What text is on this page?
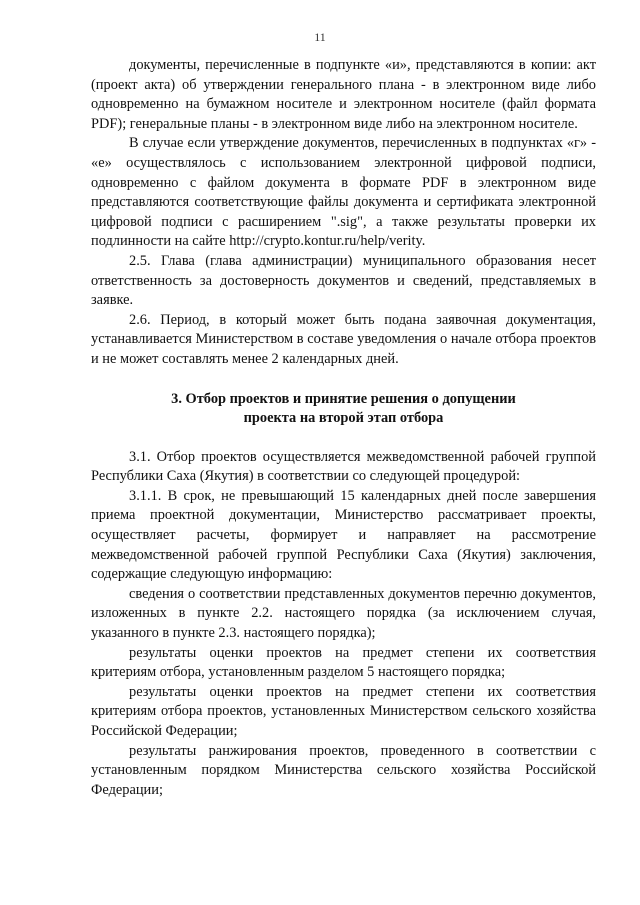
11

документы, перечисленные в подпункте «и», представляются в копии: акт (проект акта) об утверждении генерального плана - в электронном виде либо одновременно на бумажном носителе и электронном носителе (файл формата PDF); генеральные планы - в электронном виде либо на электронном носителе.

В случае если утверждение документов, перечисленных в подпунктах «г» - «е» осуществлялось с использованием электронной цифровой подписи, одновременно с файлом документа в формате PDF в электронном виде представляются соответствующие файлы документа и сертификата электронной цифровой подписи с расширением ".sig", а также результаты проверки их подлинности на сайте http://crypto.kontur.ru/help/verity.

2.5. Глава (глава администрации) муниципального образования несет ответственность за достоверность документов и сведений, представляемых в заявке.

2.6. Период, в который может быть подана заявочная документация, устанавливается Министерством в составе уведомления о начале отбора проектов и не может составлять менее 2 календарных дней.

3. Отбор проектов и принятие решения о допущении
проекта на второй этап отбора

3.1. Отбор проектов осуществляется межведомственной рабочей группой Республики Саха (Якутия) в соответствии со следующей процедурой:

3.1.1. В срок, не превышающий 15 календарных дней после завершения приема проектной документации, Министерство рассматривает проекты, осуществляет расчеты, формирует и направляет на рассмотрение межведомственной рабочей группой Республики Саха (Якутия) заключения, содержащие следующую информацию:

сведения о соответствии представленных документов перечню документов, изложенных в пункте 2.2. настоящего порядка (за исключением случая, указанного в пункте 2.3. настоящего порядка);

результаты оценки проектов на предмет степени их соответствия критериям отбора, установленным разделом 5 настоящего порядка;

результаты оценки проектов на предмет степени их соответствия критериям отбора проектов, установленных Министерством сельского хозяйства Российской Федерации;

результаты ранжирования проектов, проведенного в соответствии с установленным порядком Министерства сельского хозяйства Российской Федерации;
